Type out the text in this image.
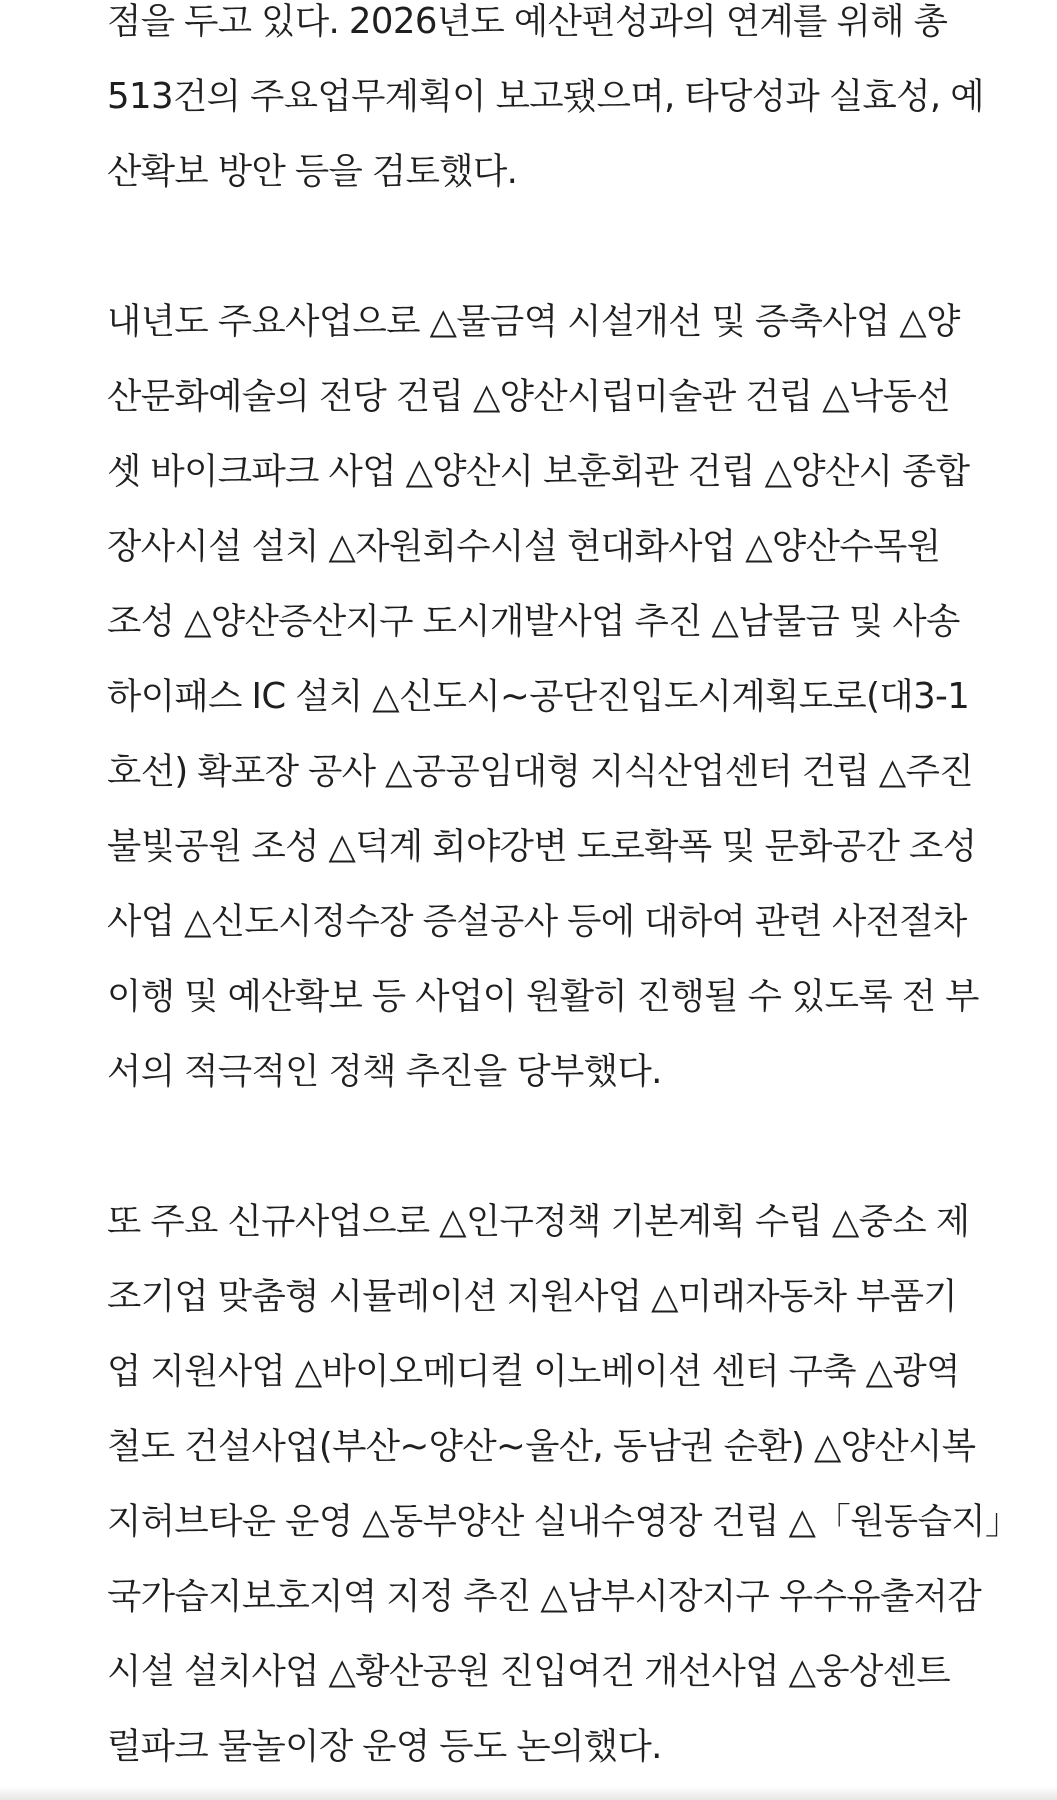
점을 두고 있다. 2026년도 예산편성과의 연계를 위해 총
513건의 주요업무계획이 보고됐으며, 타당성과 실효성, 예
산확보 방안 등을 검토했다.
내년도 주요사업으로 △물금역 시설개선 및 증축사업 △양
산문화예술의 전당 건립 △양산시립미술관 건립 △낙동선
셋 바이크파크 사업 △양산시 보훈회관 건립 △양산시 종합
장사시설 설치 △자원회수시설 현대화사업 △양산수목원
조성 △양산증산지구 도시개발사업 추진 △남물금 및 사송
하이패스 IC 설치 △신도시~공단진입도시계획도로(대3-1
호선) 확포장 공사 △공공임대형 지식산업센터 건립 △주진
불빛공원 조성 △덕계 회야강변 도로확폭 및 문화공간 조성
사업 △신도시정수장 증설공사 등에 대하여 관련 사전절차
이행 및 예산확보 등 사업이 원활히 진행될 수 있도록 전 부
서의 적극적인 정책 추진을 당부했다.
또 주요 신규사업으로 △인구정책 기본계획 수립 △중소 제
조기업 맞춤형 시뮬레이션 지원사업 △미래자동차 부품기
업 지원사업 △바이오메디컬 이노베이션 센터 구축 △광역
철도 건설사업(부산~양산~울산, 동남권 순환) △양산시복
지허브타운 운영 △동부양산 실내수영장 건립 △「원동습지」
국가습지보호지역 지정 추진 △남부시장지구 우수유출저감
시설 설치사업 △황산공원 진입여건 개선사업 △웅상센트
럴파크 물놀이장 운영 등도 논의했다.
